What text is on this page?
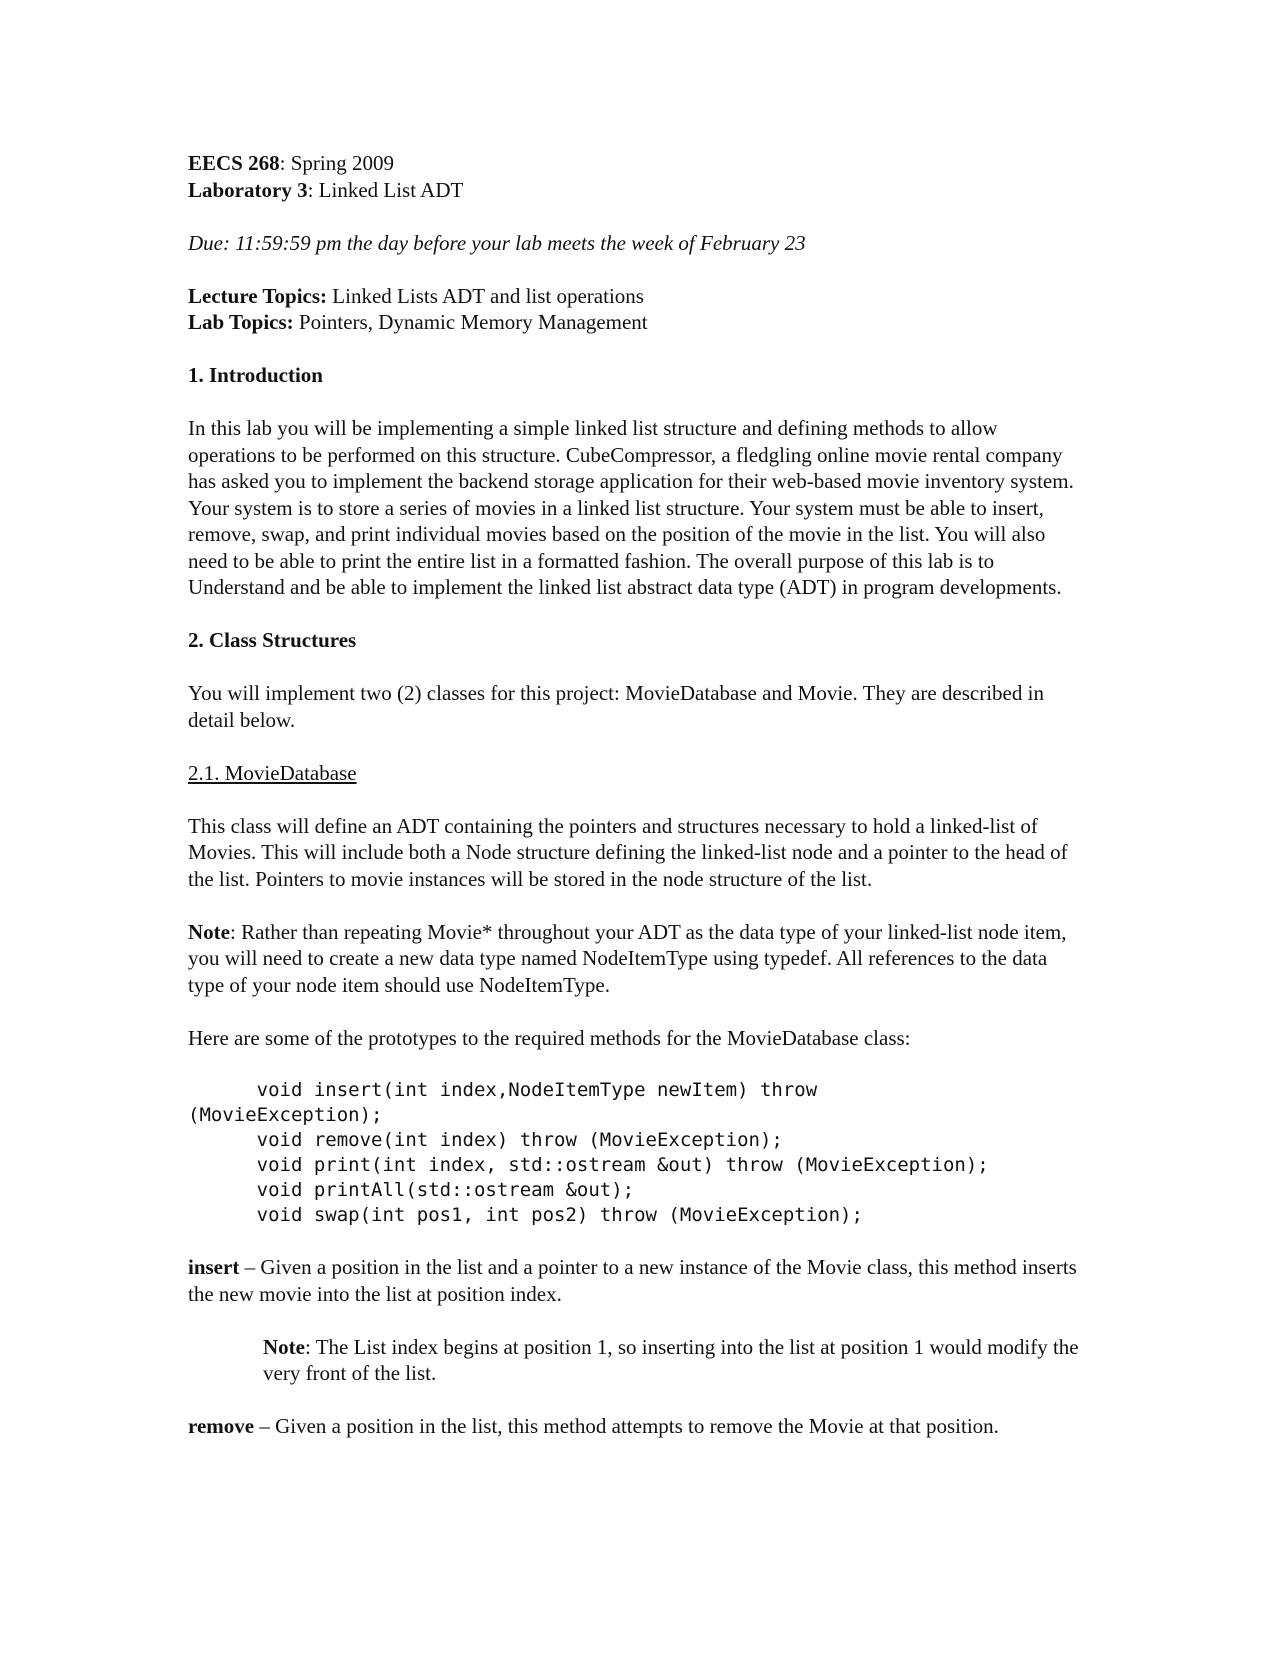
EECS 268: Spring 2009

Laboratory 3: Linked List ADT

Due: 11:59:59 pm the day before your lab meets the week of February 23

Lecture Topics: Linked Lists ADT and list operations

Lab Topics: Pointers, Dynamic Memory Management

1. Introduction

In this lab you will be implementing a simple linked list structure and defining methods to allow operations to be performed on this structure. CubeCompressor, a fledgling online movie rental company has asked you to implement the backend storage application for their web-based movie inventory system. Your system is to store a series of movies in a linked list structure. Your system must be able to insert, remove, swap, and print individual movies based on the position of the movie in the list. You will also need to be able to print the entire list in a formatted fashion. The overall purpose of this lab is to Understand and be able to implement the linked list abstract data type (ADT) in program developments.

2. Class Structures

You will implement two (2) classes for this project: MovieDatabase and Movie. They are described in detail below.

2.1. MovieDatabase

This class will define an ADT containing the pointers and structures necessary to hold a linked-list of Movies. This will include both a Node structure defining the linked-list node and a pointer to the head of the list. Pointers to movie instances will be stored in the node structure of the list.

Note: Rather than repeating Movie* throughout your ADT as the data type of your linked-list node item, you will need to create a new data type named NodeItemType using typedef. All references to the data type of your node item should use NodeItemType.

Here are some of the prototypes to the required methods for the MovieDatabase class:

void insert(int index,NodeItemType newItem) throw

(MovieException);

void remove(int index) throw (MovieException);

void print(int index, std::ostream &out) throw (MovieException);

void printAll(std::ostream &out);

void swap(int pos1, int pos2) throw (MovieException);

insert – Given a position in the list and a pointer to a new instance of the Movie class, this method inserts the new movie into the list at position index.

Note: The List index begins at position 1, so inserting into the list at position 1 would modify the very front of the list.

remove – Given a position in the list, this method attempts to remove the Movie at that position.
